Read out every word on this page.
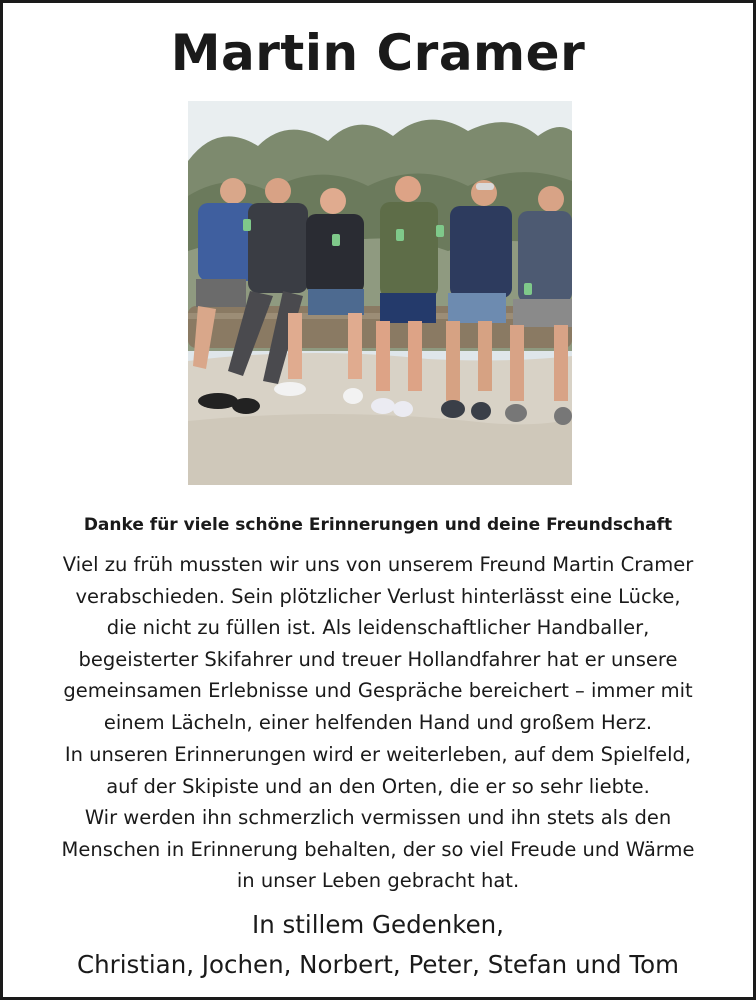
Martin Cramer
Danke für viele schöne Erinnerungen und deine Freundschaft
Viel zu früh mussten wir uns von unserem Freund Martin Cramer
verabschieden. Sein plötzlicher Verlust hinterlässt eine Lücke,
die nicht zu füllen ist. Als leidenschaftlicher Handballer,
begeisterter Skifahrer und treuer Hollandfahrer hat er unsere
gemeinsamen Erlebnisse und Gespräche bereichert – immer mit
einem Lächeln, einer helfenden Hand und großem Herz.
In unseren Erinnerungen wird er weiterleben, auf dem Spielfeld,
auf der Skipiste und an den Orten, die er so sehr liebte.
Wir werden ihn schmerzlich vermissen und ihn stets als den
Menschen in Erinnerung behalten, der so viel Freude und Wärme
in unser Leben gebracht hat.
In stillem Gedenken,
Christian, Jochen, Norbert, Peter, Stefan und Tom
